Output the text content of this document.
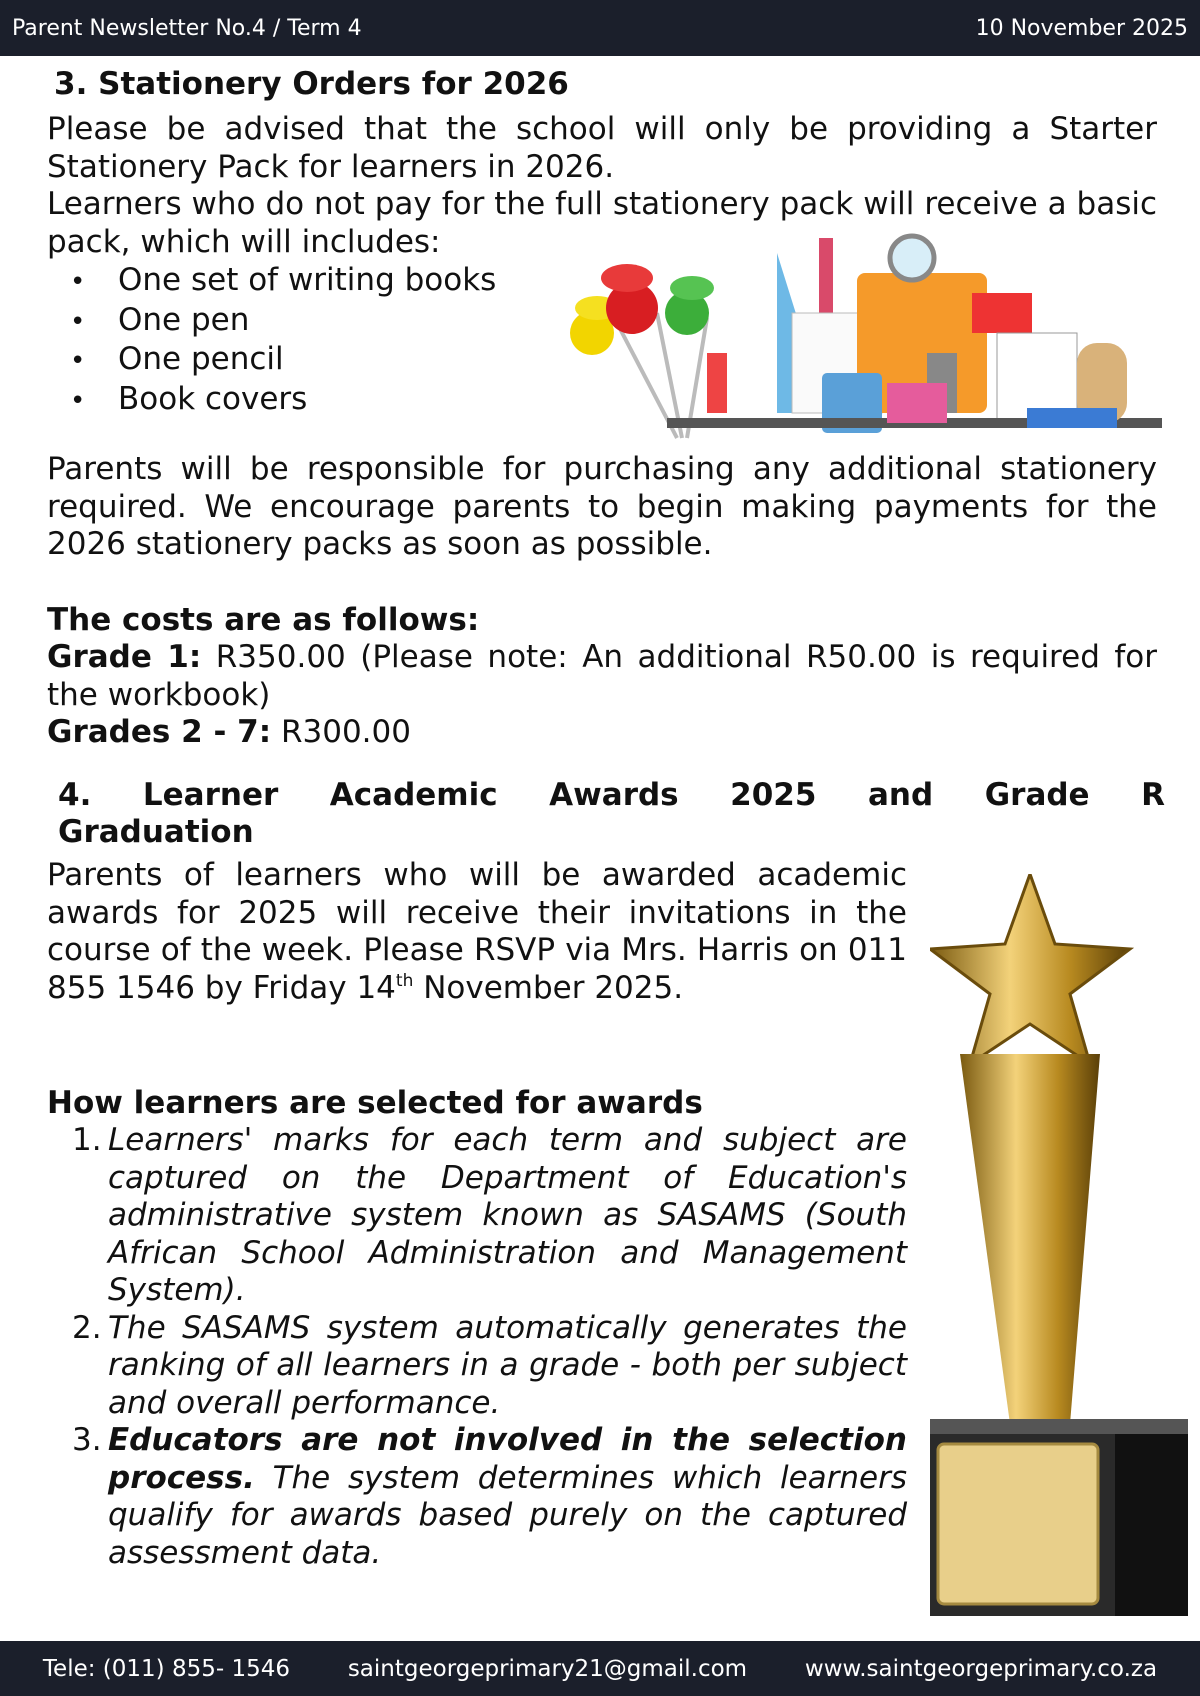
Parent Newsletter No.4 / Term 4	10 November 2025
3. Stationery Orders for 2026

Please be advised that the school will only be providing a Starter Stationery Pack for learners in 2026.

Learners who do not pay for the full stationery pack will receive a basic pack, which will includes:

• One set of writing books
• One pen
• One pencil
• Book covers

Parents will be responsible for purchasing any additional stationery required. We encourage parents to begin making payments for the 2026 stationery packs as soon as possible.

The costs are as follows:

Grade 1: R350.00 (Please note: An additional R50.00 is required for the workbook)

Grades 2 - 7: R300.00

4. Learner Academic Awards 2025 and Grade R
Graduation

Parents of learners who will be awarded academic awards for 2025 will receive their invitations in the course of the week. Please RSVP via Mrs. Harris on 011 855 1546 by Friday 14th November 2025.

How learners are selected for awards

1. Learners' marks for each term and subject are captured on the Department of Education's administrative system known as SASAMS (South African School Administration and Management System).
2. The SASAMS system automatically generates the ranking of all learners in a grade - both per subject and overall performance.
3. Educators are not involved in the selection process. The system determines which learners qualify for awards based purely on the captured assessment data.
Tele: (011) 855- 1546	saintgeorgeprimary21@gmail.com	www.saintgeorgeprimary.co.za
